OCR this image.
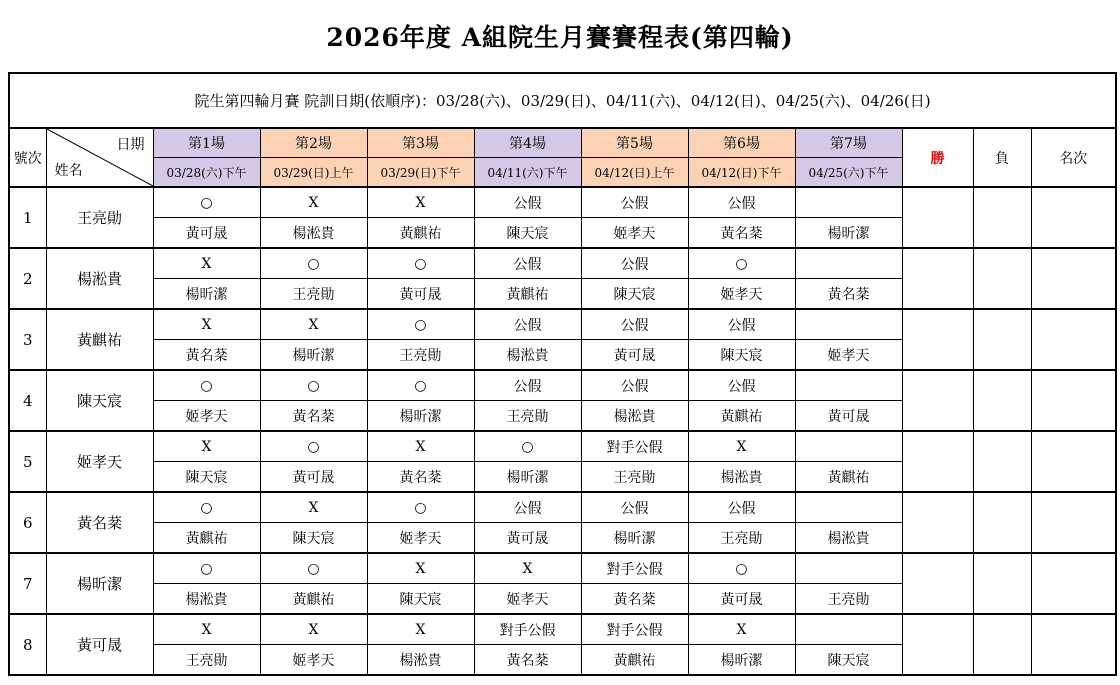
2026年度 A組院生月賽賽程表(第四輪)
院生第四輪月賽 院訓日期(依順序)：03/28(六)、03/29(日)、04/11(六)、04/12(日)、04/25(六)、04/26(日)											
號次	日期
姓名	第1場	第2場	第3場	第4場	第5場	第6場	第7場	勝	負	名次
		03/28(六)下午	03/29(日)上午	03/29(日)下午	04/11(六)下午	04/12(日)上午	04/12(日)下午	04/25(六)下午			
1	王亮勛	○	X	X	公假	公假	公假				
		黃可晟	楊淞貴	黃麒祐	陳天宸	姬孝天	黃名棻	楊昕潔			
2	楊淞貴	X	○	○	公假	公假	○				
		楊昕潔	王亮勛	黃可晟	黃麒祐	陳天宸	姬孝天	黃名棻			
3	黃麒祐	X	X	○	公假	公假	公假				
		黃名棻	楊昕潔	王亮勛	楊淞貴	黃可晟	陳天宸	姬孝天			
4	陳天宸	○	○	○	公假	公假	公假				
		姬孝天	黃名棻	楊昕潔	王亮勛	楊淞貴	黃麒祐	黃可晟			
5	姬孝天	X	○	X	○	對手公假	X				
		陳天宸	黃可晟	黃名棻	楊昕潔	王亮勛	楊淞貴	黃麒祐			
6	黃名棻	○	X	○	公假	公假	公假				
		黃麒祐	陳天宸	姬孝天	黃可晟	楊昕潔	王亮勛	楊淞貴			
7	楊昕潔	○	○	X	X	對手公假	○				
		楊淞貴	黃麒祐	陳天宸	姬孝天	黃名棻	黃可晟	王亮勛			
8	黃可晟	X	X	X	對手公假	對手公假	X				
		王亮勛	姬孝天	楊淞貴	黃名棻	黃麒祐	楊昕潔	陳天宸			
